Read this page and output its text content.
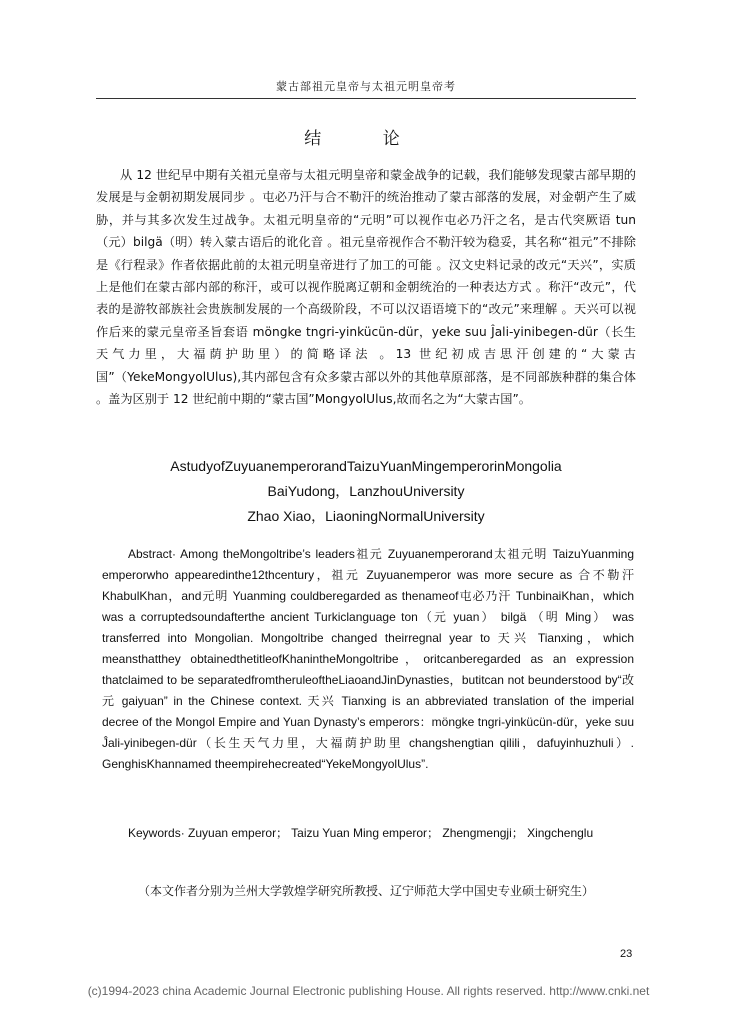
蒙古部祖元皇帝与太祖元明皇帝考
结 论

从 12 世纪早中期有关祖元皇帝与太祖元明皇帝和蒙金战争的记载，我们能够发现蒙古部早期的发展是与金朝初期发展同步 。屯必乃汗与合不勒汗的统治推动了蒙古部落的发展，对金朝产生了威胁，并与其多次发生过战争。太祖元明皇帝的“元明”可以视作屯必乃汗之名，是古代突厥语 tun（元）bilgä（明）转入蒙古语后的讹化音 。祖元皇帝视作合不勒汗较为稳妥，其名称“祖元”不排除是《行程录》作者依据此前的太祖元明皇帝进行了加工的可能 。汉文史料记录的改元“天兴”，实质上是他们在蒙古部内部的称汗，或可以视作脱离辽朝和金朝统治的一种表达方式 。称汗“改元”，代表的是游牧部族社会贵族制发展的一个高级阶段，不可以汉语语境下的“改元”来理解 。天兴可以视作后来的蒙元皇帝圣旨套语 möngke tngri-yinkücün-dür，yeke suu Ĵali-yinibegen-dür（长生天气力里，大福荫护助里）的简略译法 。13 世纪初成吉思汗创建的“大蒙古国”（YekeMongyolUlus),其内部包含有众多蒙古部以外的其他草原部落，是不同部族种群的集合体 。盖为区别于 12 世纪前中期的“蒙古国”MongyolUlus,故而名之为“大蒙古国”。

AstudyofZuyuanemperorandTaizuYuanMingemperorinMongolia
BaiYudong，LanzhouUniversity
Zhao Xiao，LiaoningNormalUniversity

Abstract· Among theMongoltribe’s leaders祖元 Zuyuanemperorand太祖元明 TaizuYuanming emperorwho appearedinthe12thcentury，祖元 Zuyuanemperor was more secure as 合不勒汗 KhabulKhan，and元明 Yuanming couldberegarded as thenameof屯必乃汗 TunbinaiKhan，which was a corruptedsoundafterthe ancient Turkiclanguage ton（元 yuan） bilgä （明 Ming） was transferred into Mongolian. Mongoltribe changed theirregnal year to 天兴 Tianxing，which meansthatthey obtainedthetitleofKhanintheMongoltribe，oritcanberegarded as an expression thatclaimed to be separatedfromtheruleoftheLiaoandJinDynasties，butitcan not beunderstood by“改元 gaiyuan” in the Chinese context. 天兴 Tianxing is an abbreviated translation of the imperial decree of the Mongol Empire and Yuan Dynasty’s emperors：möngke tngri-yinkücün-dür，yeke suu Ĵali-yinibegen-dür（长生天气力里，大福荫护助里 changshengtian qilili，dafuyinhuzhuli）. GenghisKhannamed theempirehecreated“YekeMongyolUlus”.

Keywords· Zuyuan emperor； Taizu Yuan Ming emperor； Zhengmengji； Xingchenglu

（本文作者分别为兰州大学敦煌学研究所教授、辽宁师范大学中国史专业硕士研究生）
23
(c)1994-2023 china Academic Journal Electronic publishing House. All rights reserved. http://www.cnki.net
